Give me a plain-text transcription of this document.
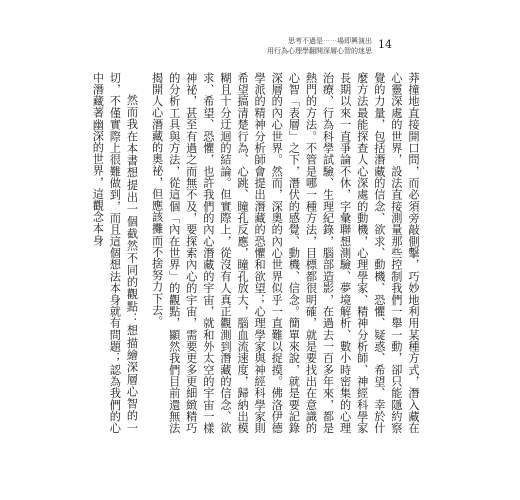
思考不過是⋯⋯場即興演出
用行為心理學翻開深層心智的迷思 14

莽撞地直接開口問，而必須旁敲側擊，巧妙地利用某種方式，潛入藏在心靈深處的世界，設法直接測量那些控制我們一舉一動，卻只能隱約察覺的力量，包括潛藏的信念、欲求、動機、恐懼、疑惑、希望、幸於什麼方法最能探查人心深處的動機，心理學家、精神分析師、神經科學家長期以來一直爭論不休，字彙聯想測驗、夢境解析、數小時密集的心理治療、行為科學試驗、生理紀錄，腦部造影，在過去一百多年來，都是熱門的方法。不管是哪一種方法，目標都很明確，就是要找出在意識的心智「表層」之下，潛伏的感覺、動機、信念。簡單來說，就是要記錄深層的內心世界。然而，深奧的內心世界似乎一直難以捉摸。佛洛伊德學派的精神分析師會提出潛藏的恐懼和欲望；心理學家與神經科學家則希望搞清楚行為、心跳、瞳孔反應，瞳孔放大，腦血流速度，歸納出模糊且十分迂迴的結論。但實際上，從沒有人真正觀測到潛藏的信念、欲求、希望、恐懼，也許我們的內心潛藏的宇宙，就和外太空的宇宙一樣神祕，甚至有過之而無不及，要探索內心的宇宙，需要更多更細緻精巧的分析工具與方法，從這個「內在世界」的觀點，顯然我們目前還無法揭開人心潛藏的奧祕，但應該攤而不捨努力下去。

然而我在本書想提出一個截然不同的觀點：想描繪深層心智的一切，不僅實際上很難做到，而且這個想法本身就有問題；認為我們的心中潛藏著幽深的世界，這觀念本身
